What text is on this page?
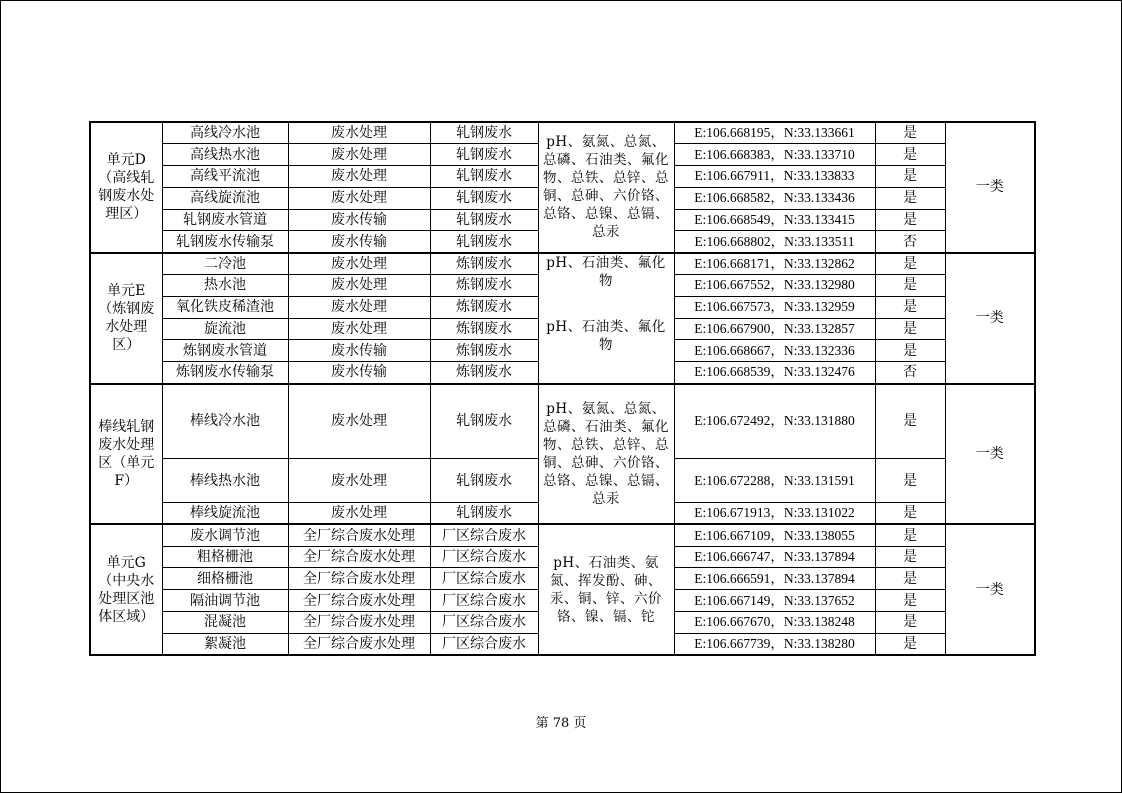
单元D（高线轧钢废水处理区）	高线冷水池	废水处理	轧钢废水	pH、氨氮、总氮、总磷、石油类、氟化物、总铁、总锌、总铜、总砷、六价铬、总铬、总镍、总镉、总汞	E:106.668195，N:33.133661	是	一类
	高线热水池	废水处理	轧钢废水		E:106.668383，N:33.133710	是	
	高线平流池	废水处理	轧钢废水		E:106.667911，N:33.133833	是	
	高线旋流池	废水处理	轧钢废水		E:106.668582，N:33.133436	是	
	轧钢废水管道	废水传输	轧钢废水		E:106.668549，N:33.133415	是	
	轧钢废水传输泵	废水传输	轧钢废水		E:106.668802，N:33.133511	否	
单元E（炼钢废水处理区）	二冷池	废水处理	炼钢废水	pH、石油类、氟化物	E:106.668171，N:33.132862	是	一类
	热水池	废水处理	炼钢废水		E:106.667552，N:33.132980	是	
	氧化铁皮稀渣池	废水处理	炼钢废水		E:106.667573，N:33.132959	是	
	旋流池	废水处理	炼钢废水	pH、石油类、氟化物	E:106.667900，N:33.132857	是	
	炼钢废水管道	废水传输	炼钢废水		E:106.668667，N:33.132336	是	
	炼钢废水传输泵	废水传输	炼钢废水		E:106.668539，N:33.132476	否	
棒线轧钢废水处理区（单元F）	棒线冷水池	废水处理	轧钢废水	pH、氨氮、总氮、总磷、石油类、氟化物、总铁、总锌、总铜、总砷、六价铬、总铬、总镍、总镉、总汞	E:106.672492，N:33.131880	是	一类
	棒线热水池	废水处理	轧钢废水		E:106.672288，N:33.131591	是	
	棒线旋流池	废水处理	轧钢废水		E:106.671913，N:33.131022	是	
单元G（中央水处理区池体区域）	废水调节池	全厂综合废水处理	厂区综合废水	pH、石油类、氨氮、挥发酚、砷、汞、铜、锌、六价铬、镍、镉、铊	E:106.667109，N:33.138055	是	一类
	粗格栅池	全厂综合废水处理	厂区综合废水		E:106.666747，N:33.137894	是	
	细格栅池	全厂综合废水处理	厂区综合废水		E:106.666591，N:33.137894	是	
	隔油调节池	全厂综合废水处理	厂区综合废水		E:106.667149，N:33.137652	是	
	混凝池	全厂综合废水处理	厂区综合废水		E:106.667670，N:33.138248	是	
	絮凝池	全厂综合废水处理	厂区综合废水		E:106.667739，N:33.138280	是	
第 78 页
